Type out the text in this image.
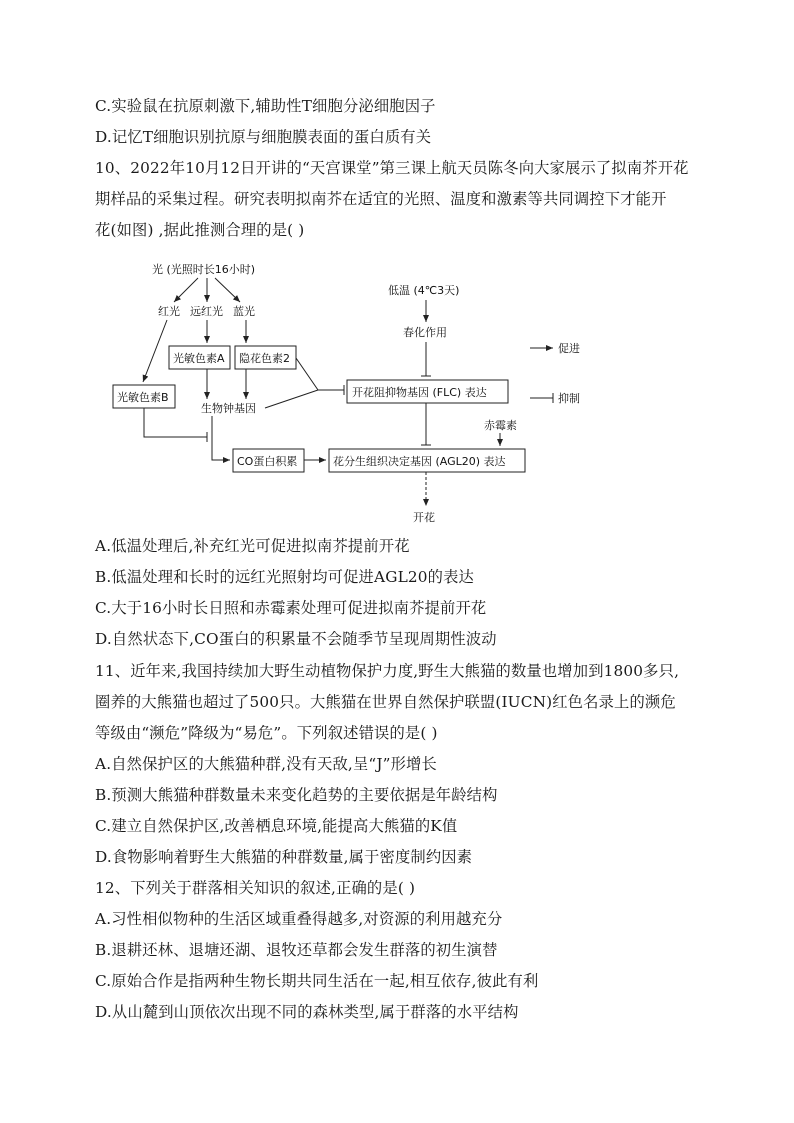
C.实验鼠在抗原刺激下,辅助性T细胞分泌细胞因子
D.记忆T细胞识别抗原与细胞膜表面的蛋白质有关
10、2022年10月12日开讲的“天宫课堂”第三课上航天员陈冬向大家展示了拟南芥开花
期样品的采集过程。研究表明拟南芥在适宜的光照、温度和激素等共同调控下才能开
花(如图) ,据此推测合理的是( )
光 (光照时长16小时)
红光 远红光 蓝光
生物钟基因
低温 (4℃3天)
春化作用
赤霉素
开花
促进
抑制
光敏色素A 隐花色素2
光敏色素B	开花阻抑物基因 (FLC) 表达
CO蛋白积累	花分生组织决定基因 (AGL20) 表达
A.低温处理后,补充红光可促进拟南芥提前开花
B.低温处理和长时的远红光照射均可促进AGL20的表达
C.大于16小时长日照和赤霉素处理可促进拟南芥提前开花
D.自然状态下,CO蛋白的积累量不会随季节呈现周期性波动
11、近年来,我国持续加大野生动植物保护力度,野生大熊猫的数量也增加到1800多只,
圈养的大熊猫也超过了500只。大熊猫在世界自然保护联盟(IUCN)红色名录上的濒危
等级由“濒危”降级为“易危”。下列叙述错误的是( )
A.自然保护区的大熊猫种群,没有天敌,呈“J”形增长
B.预测大熊猫种群数量未来变化趋势的主要依据是年龄结构
C.建立自然保护区,改善栖息环境,能提高大熊猫的K值
D.食物影响着野生大熊猫的种群数量,属于密度制约因素
12、下列关于群落相关知识的叙述,正确的是( )
A.习性相似物种的生活区域重叠得越多,对资源的利用越充分
B.退耕还林、退塘还湖、退牧还草都会发生群落的初生演替
C.原始合作是指两种生物长期共同生活在一起,相互依存,彼此有利
D.从山麓到山顶依次出现不同的森林类型,属于群落的水平结构
